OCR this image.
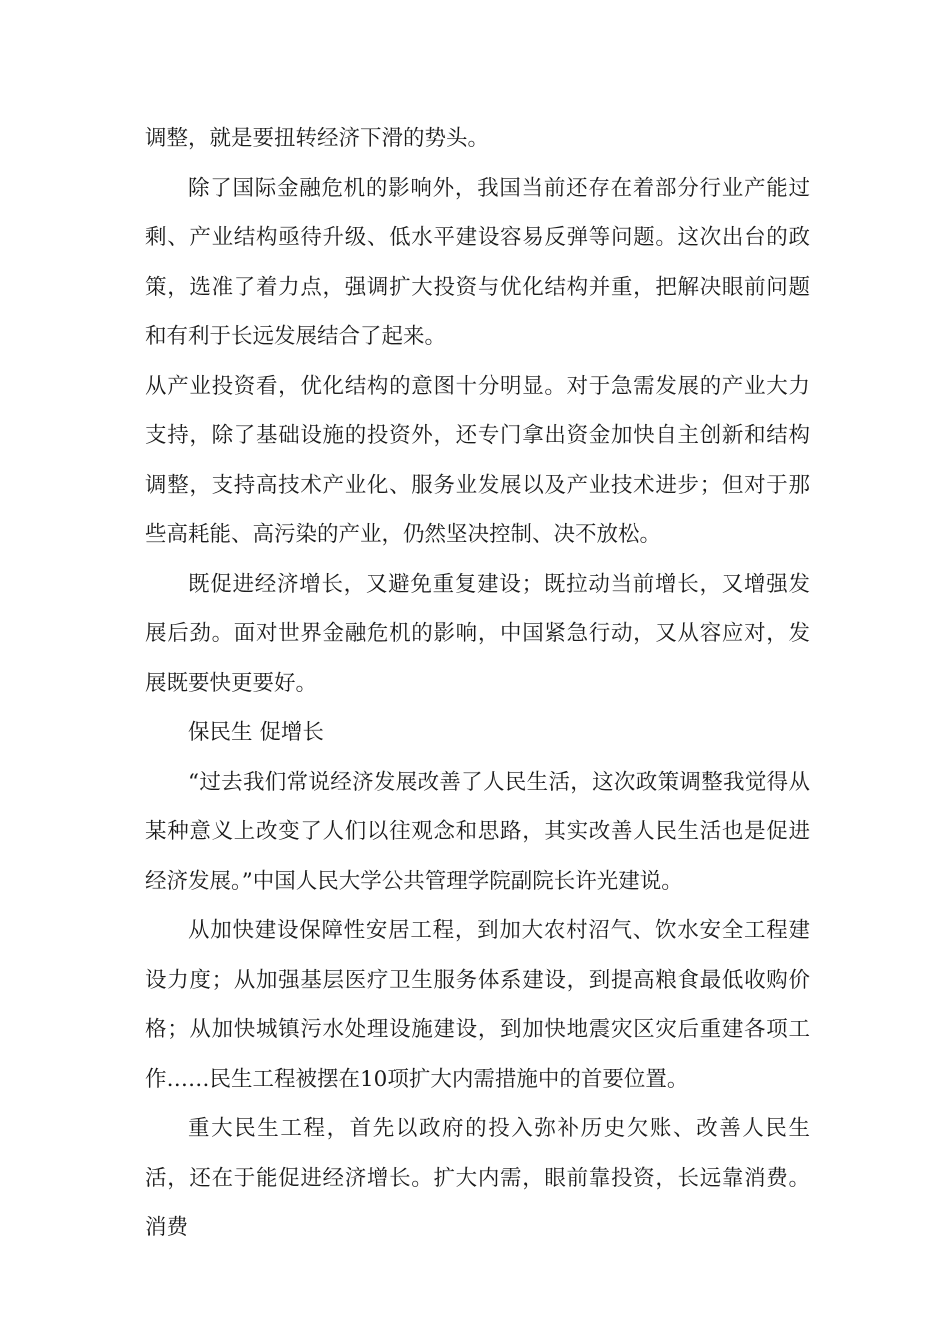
调整，就是要扭转经济下滑的势头。

除了国际金融危机的影响外，我国当前还存在着部分行业产能过剩、产业结构亟待升级、低水平建设容易反弹等问题。这次出台的政策，选准了着力点，强调扩大投资与优化结构并重，把解决眼前问题和有利于长远发展结合了起来。

从产业投资看，优化结构的意图十分明显。对于急需发展的产业大力支持，除了基础设施的投资外，还专门拿出资金加快自主创新和结构调整，支持高技术产业化、服务业发展以及产业技术进步；但对于那些高耗能、高污染的产业，仍然坚决控制、决不放松。

既促进经济增长，又避免重复建设；既拉动当前增长，又增强发展后劲。面对世界金融危机的影响，中国紧急行动，又从容应对，发展既要快更要好。

保民生 促增长

“过去我们常说经济发展改善了人民生活，这次政策调整我觉得从某种意义上改变了人们以往观念和思路，其实改善人民生活也是促进经济发展。”中国人民大学公共管理学院副院长许光建说。

从加快建设保障性安居工程，到加大农村沼气、饮水安全工程建设力度；从加强基层医疗卫生服务体系建设，到提高粮食最低收购价格；从加快城镇污水处理设施建设，到加快地震灾区灾后重建各项工作……民生工程被摆在10项扩大内需措施中的首要位置。

重大民生工程，首先以政府的投入弥补历史欠账、改善人民生活，还在于能促进经济增长。扩大内需，眼前靠投资，长远靠消费。消费
